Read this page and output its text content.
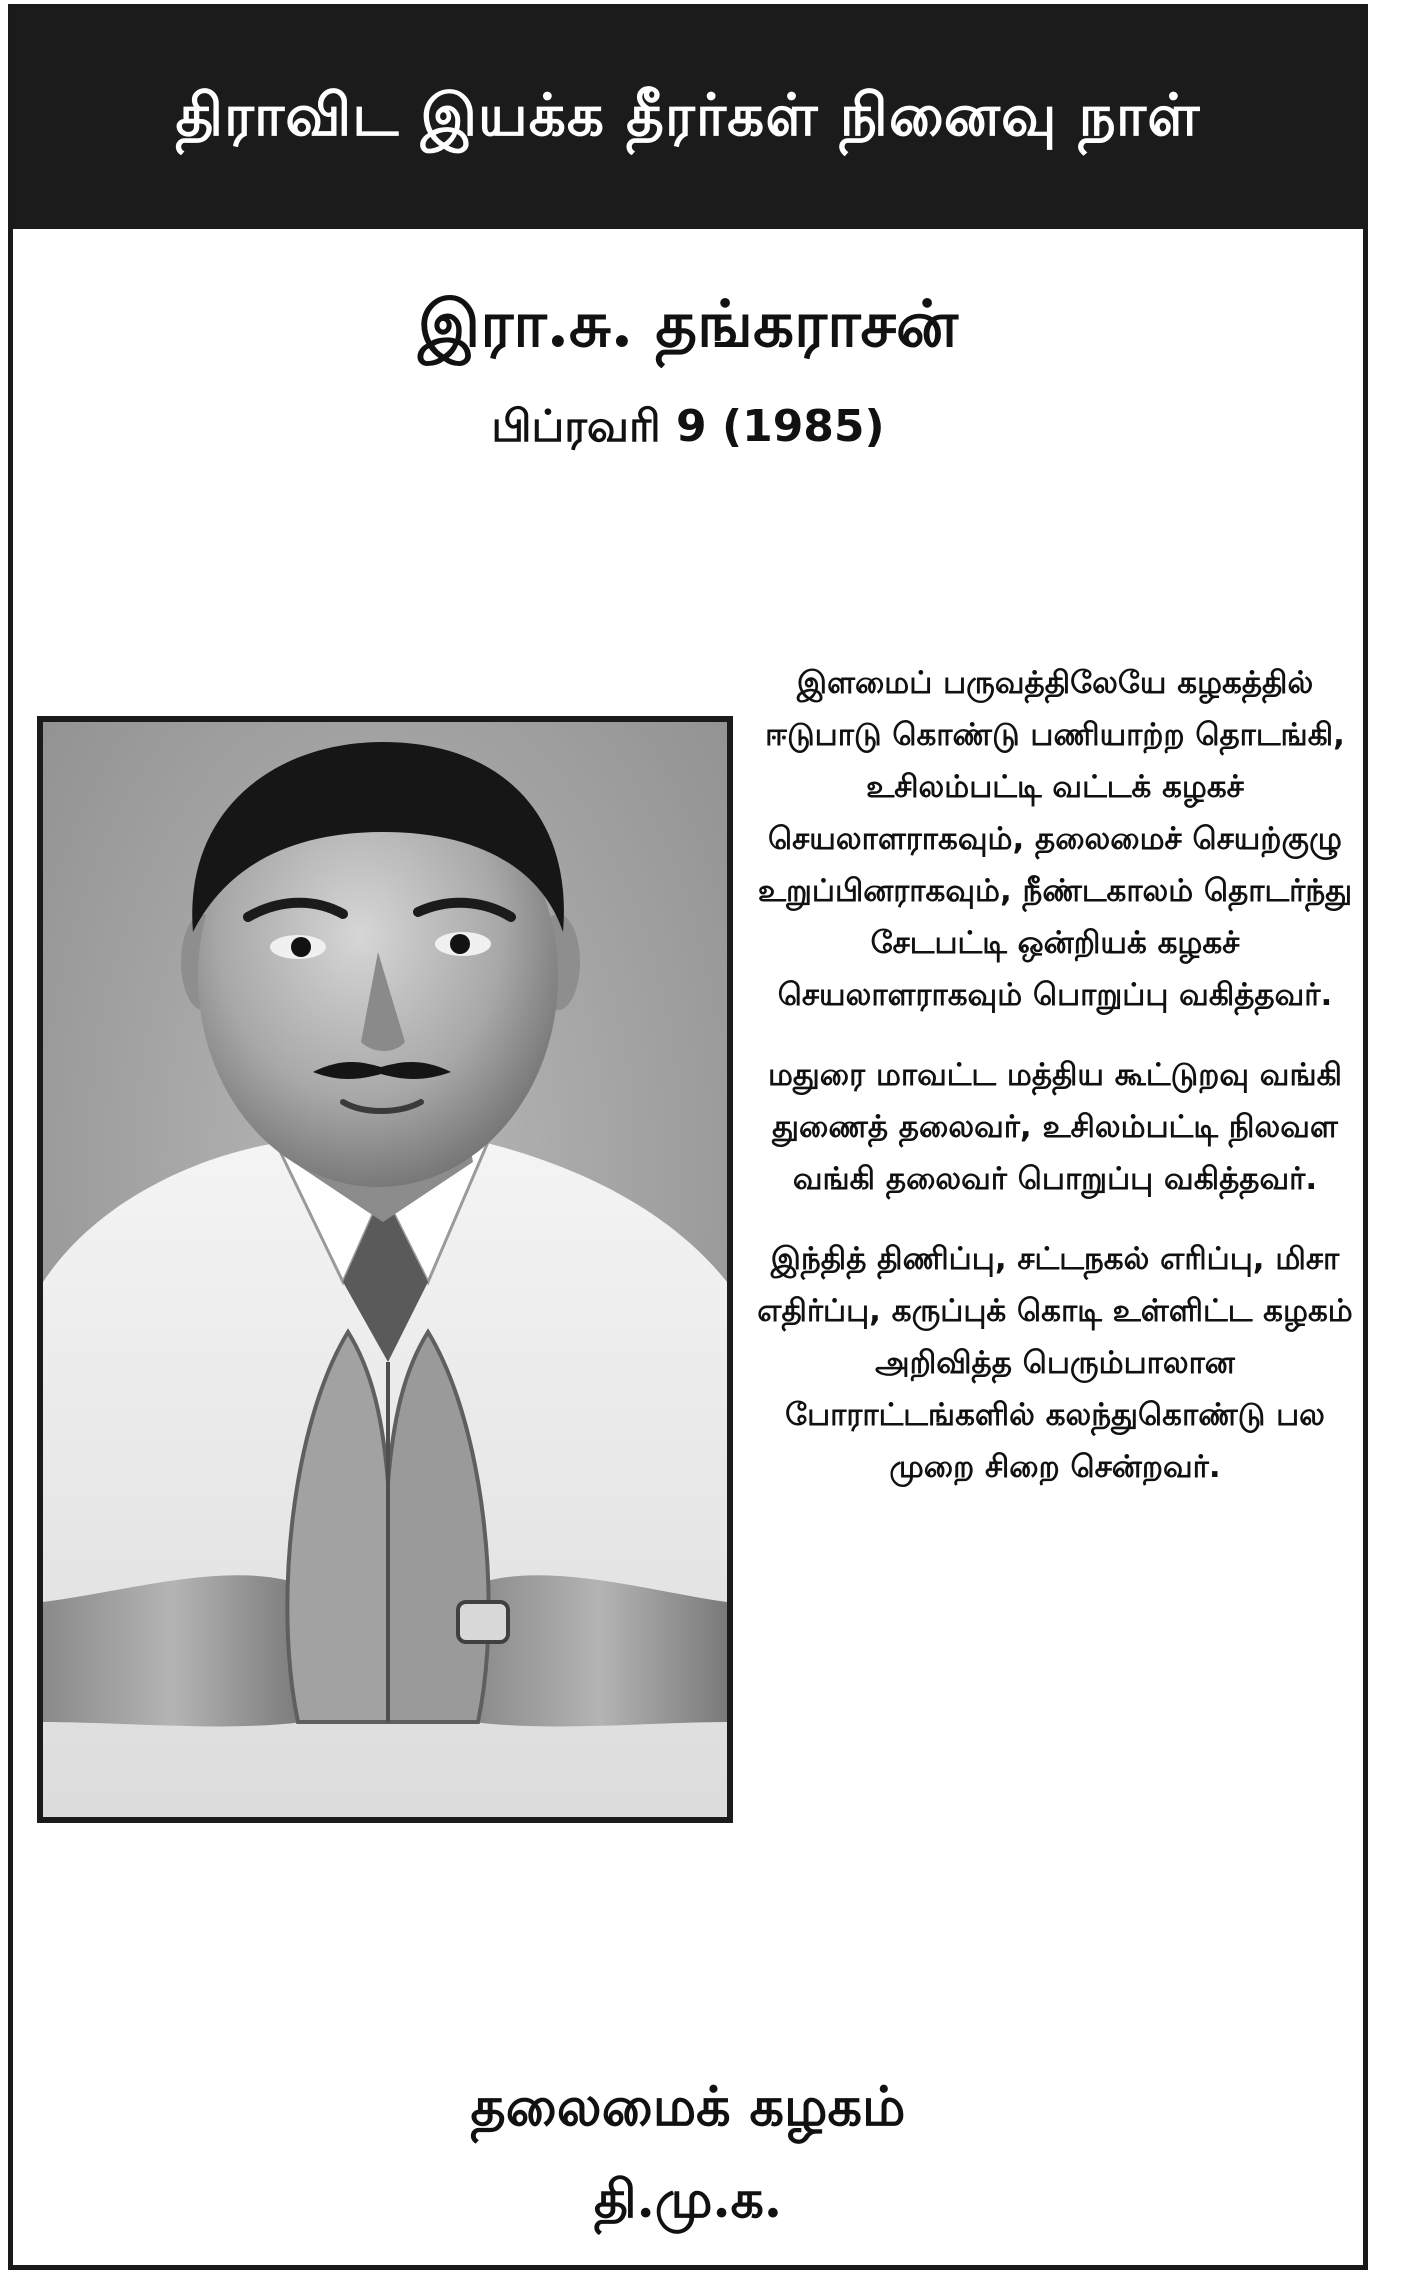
திராவிட இயக்க தீரர்கள் நினைவு நாள்
இரா.சு. தங்கராசன்
பிப்ரவரி 9 (1985)

இளமைப் பருவத்திலேயே கழகத்தில் ஈடுபாடு கொண்டு பணியாற்ற தொடங்கி, உசிலம்பட்டி வட்டக் கழகச் செயலாளராகவும், தலைமைச் செயற்குழு உறுப்பினராகவும், நீண்டகாலம் தொடர்ந்து சேடபட்டி ஒன்றியக் கழகச் செயலாளராகவும் பொறுப்பு வகித்தவர்.

மதுரை மாவட்ட மத்திய கூட்டுறவு வங்கி துணைத் தலைவர், உசிலம்பட்டி நிலவள வங்கி தலைவர் பொறுப்பு வகித்தவர்.

இந்தித் திணிப்பு, சட்டநகல் எரிப்பு, மிசா எதிர்ப்பு, கருப்புக் கொடி உள்ளிட்ட கழகம் அறிவித்த பெரும்பாலான போராட்டங்களில் கலந்துகொண்டு பல முறை சிறை சென்றவர்.

தலைமைக் கழகம்
தி.மு.க.
